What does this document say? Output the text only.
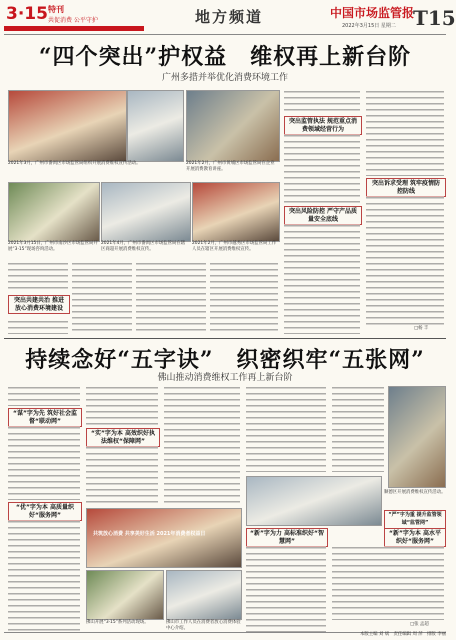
3·15 特刊
共促消费 公平守护	地方频道	中国市场监管报
T15
2022年3月15日 星期二
“四个突出”护权益　维权再上新台阶
广州多措并举优化消费环境工作
2021年3月，广州市番禺区市场监管局组织开展消费维权宣传活动。	2021年2月，广州市黄埔区市场监管局在企业开展消费教育讲座。
2021年3月15日，广州市南沙区市场监管局开展“3·15”现场咨询活动。
2021年4月，广州市番禺区市场监管局在辖区商超开展消费维权宣传。
2021年2月，广州市越秀区市场监管局工作人员在辖区开展消费维权宣传。
突出共建共治 推进放心消费环境建设
突出监管执法 规范重点消费领域经营行为
突出风险防控 严守产品质量安全底线
突出诉求受理 筑牢疫情防控防线
□杨 丰
持续念好“五字诀”　织密织牢“五张网”
佛山推动消费维权工作再上新台阶
“谋”字为先 筑好社会监督“联动网”
“优”字为本 高质量织好“服务网”
“实”字为本 高效织好执法维权“保障网”
共筑放心消费 共享美好生活 2021年消费者权益日
佛山开展“3·15”系列活动现场。	佛山市工作人员在消费者放心消费体验中心介绍。
顺德区开展消费维权宣传活动。
“新”字为力 高标准织好“智慧网”
“新”字为本 高水平织好“服务网”
“严”字为重 提升监管领域“监管网”
□张 孟超
本版主编 刘 斌　责任编辑 周 萍　排版 李丽
